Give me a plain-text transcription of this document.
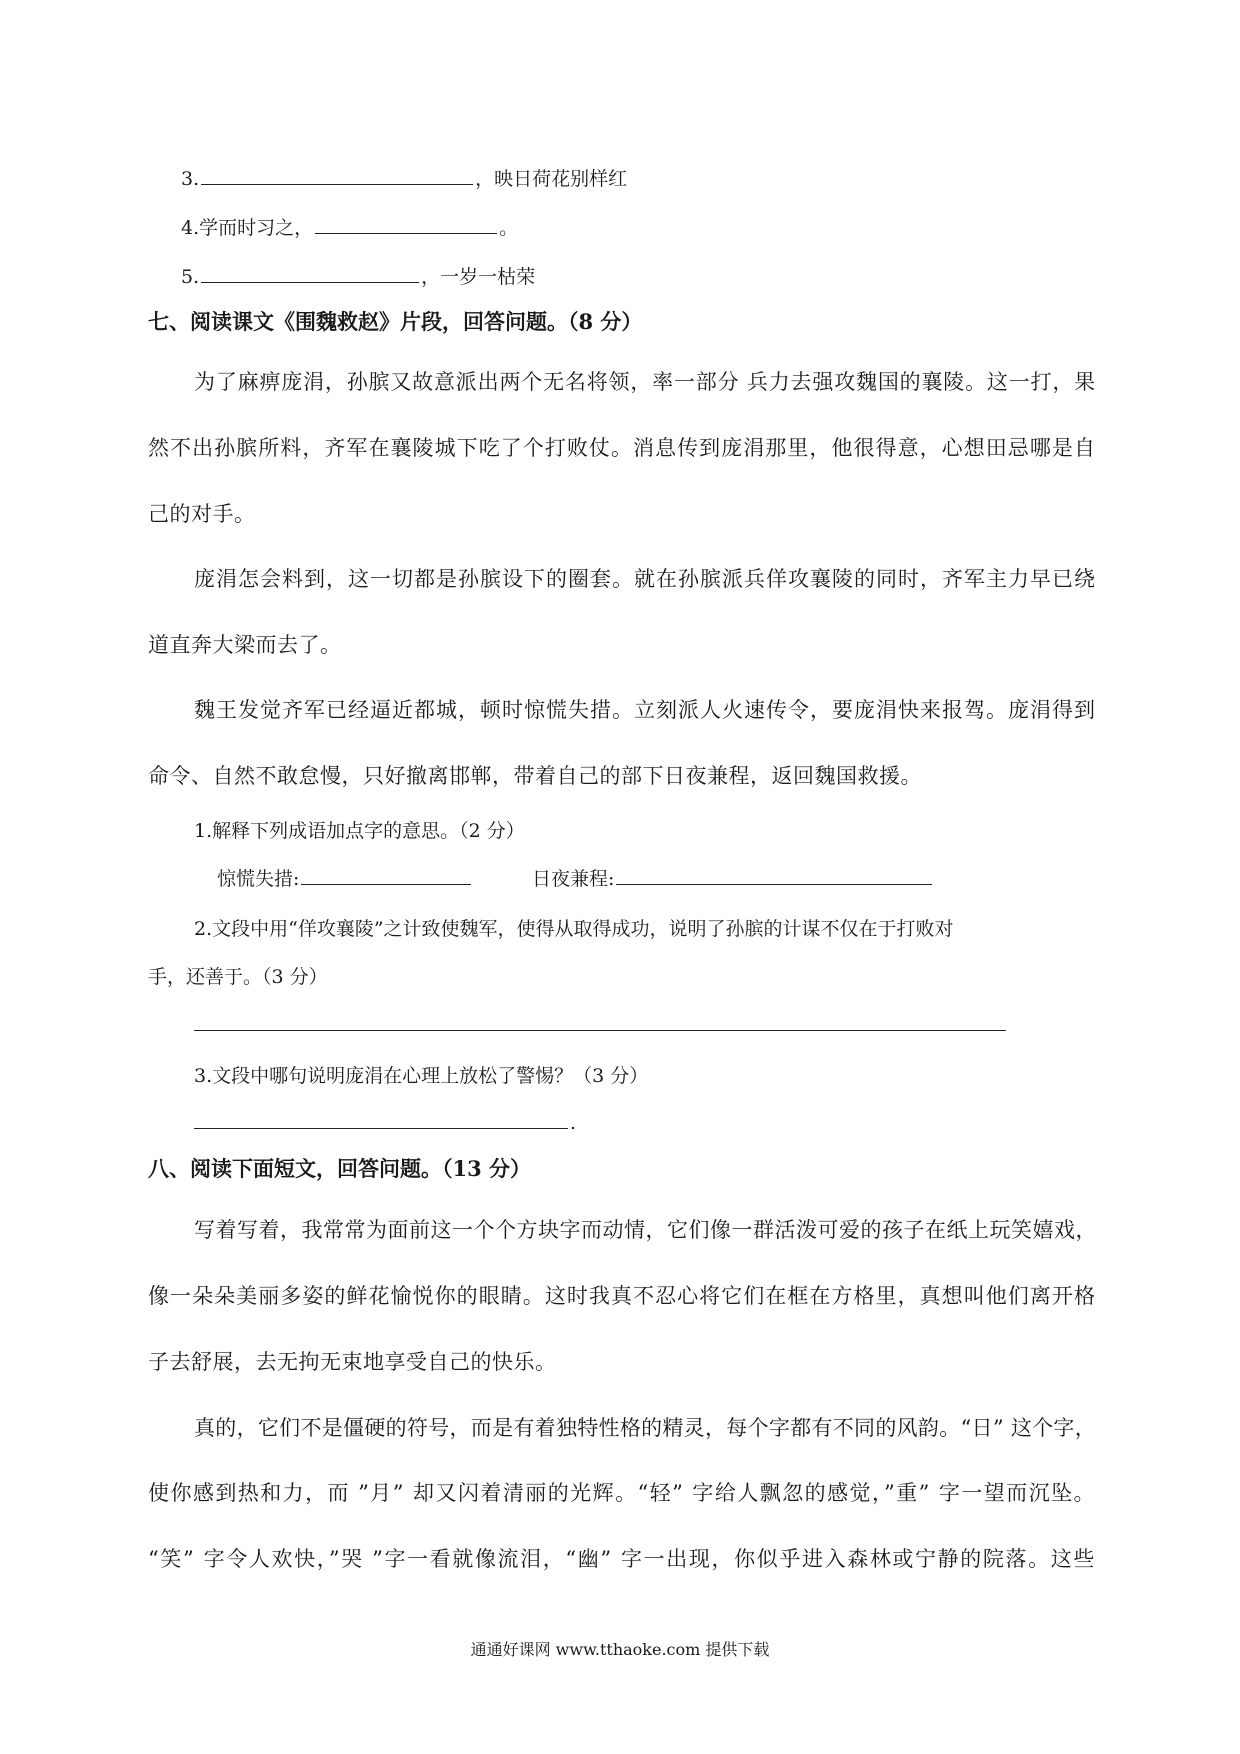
3.	，映日荷花别样红
4.学而时习之，	。
5.	，一岁一枯荣
七、阅读课文《围魏救赵》片段，回答问题。（8 分）
为了麻痹庞涓，孙膑又故意派出两个无名将领，率一部分 兵力去强攻魏国的襄陵。这一打，果
然不出孙膑所料，齐军在襄陵城下吃了个打败仗。消息传到庞涓那里，他很得意，心想田忌哪是自
己的对手。
庞涓怎会料到，这一切都是孙膑设下的圈套。就在孙膑派兵佯攻襄陵的同时，齐军主力早已绕
道直奔大梁而去了。
魏王发觉齐军已经逼近都城，顿时惊慌失措。立刻派人火速传令，要庞涓快来报驾。庞涓得到
命令、自然不敢怠慢，只好撤离邯郸，带着自己的部下日夜兼程，返回魏国救援。
1.解释下列成语加点字的意思。（2 分）
惊慌失措:	日夜兼程:
2.文段中用“佯攻襄陵”之计致使魏军，使得从取得成功，说明了孙膑的计谋不仅在于打败对
手，还善于。（3 分）
3.文段中哪句说明庞涓在心理上放松了警惕？（3 分）
.
八、阅读下面短文，回答问题。（13 分）
写着写着，我常常为面前这一个个方块字而动情，它们像一群活泼可爱的孩子在纸上玩笑嬉戏，
像一朵朵美丽多姿的鲜花愉悦你的眼睛。这时我真不忍心将它们在框在方格里，真想叫他们离开格
子去舒展，去无拘无束地享受自己的快乐。
真的，它们不是僵硬的符号，而是有着独特性格的精灵，每个字都有不同的风韵。“日” 这个字，
使你感到热和力，而 ”月” 却又闪着清丽的光辉。“轻” 字给人飘忽的感觉，”重” 字一望而沉坠。
“笑” 字令人欢快，”哭 ”字一看就像流泪，“幽” 字一出现，你似乎进入森林或宁静的院落。这些
通通好课网 www.tthaoke.com 提供下载
